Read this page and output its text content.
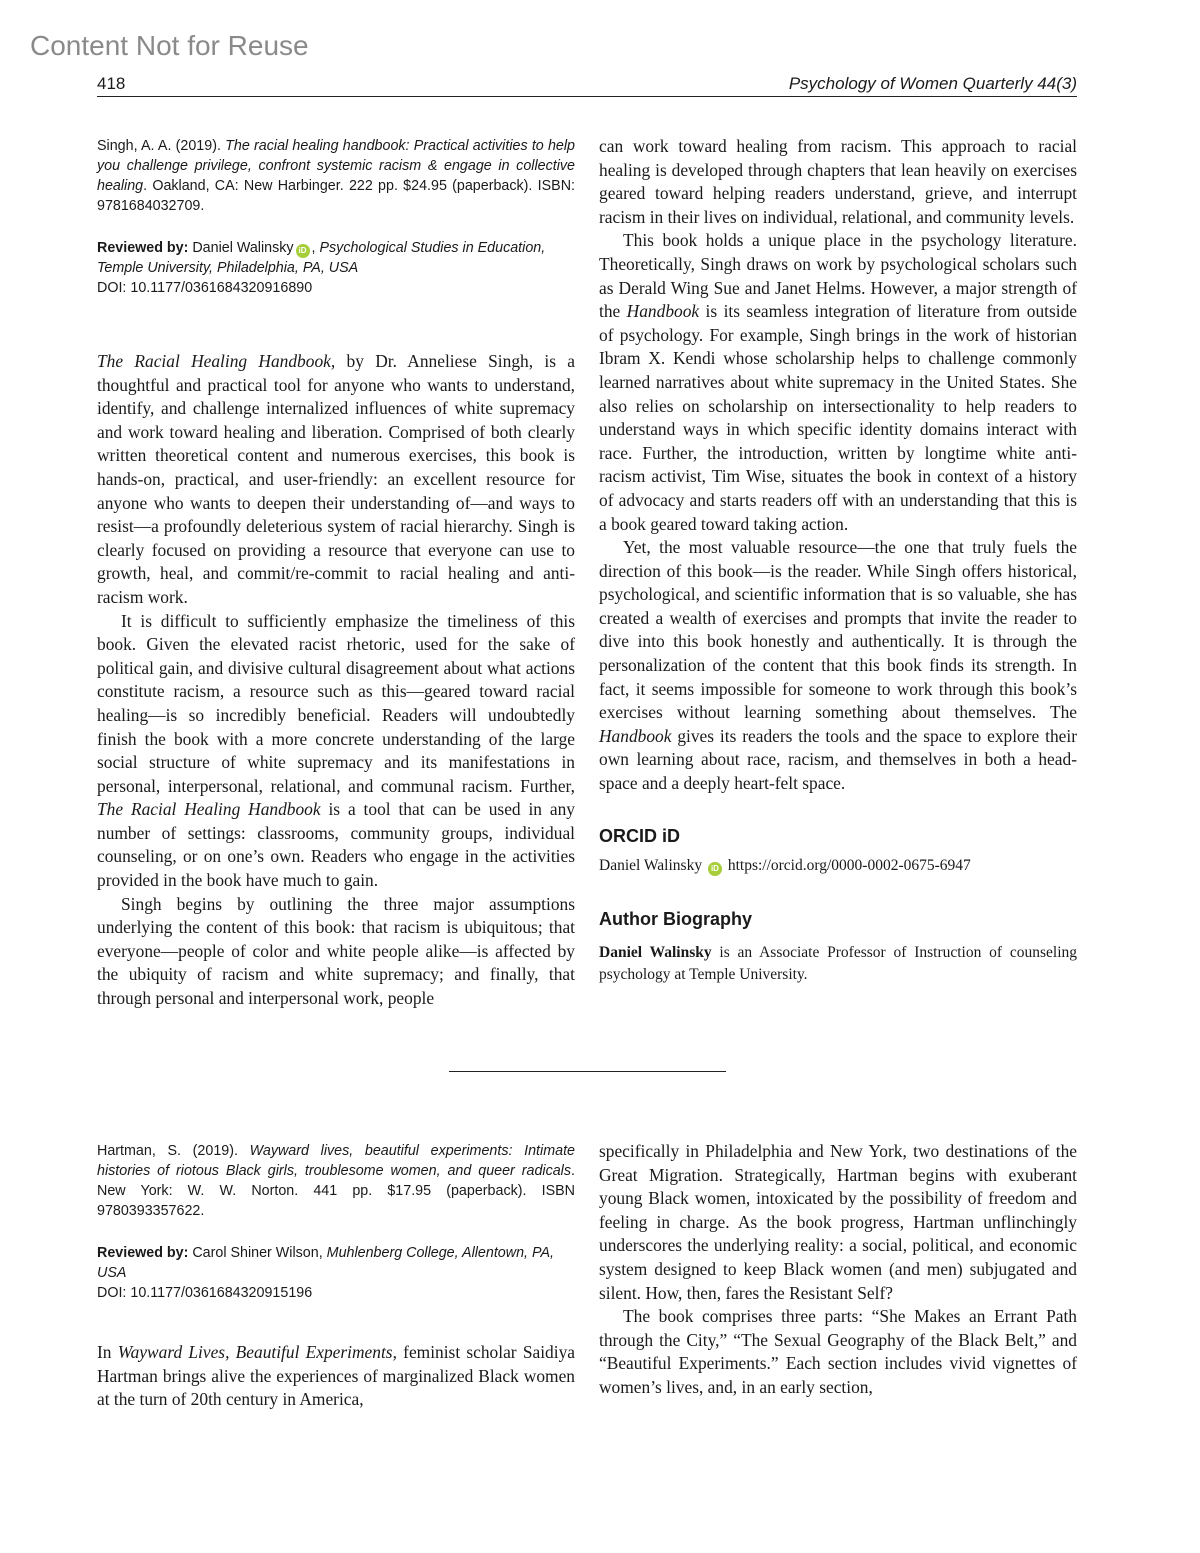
Content Not for Reuse
418	Psychology of Women Quarterly 44(3)
Singh, A. A. (2019). The racial healing handbook: Practical activities to help you challenge privilege, confront systemic racism & engage in collective healing. Oakland, CA: New Harbinger. 222 pp. $24.95 (paperback). ISBN: 9781684032709.
Reviewed by: Daniel Walinsky iD , Psychological Studies in Education, Temple University, Philadelphia, PA, USA
DOI: 10.1177/0361684320916890

The Racial Healing Handbook, by Dr. Anneliese Singh, is a thoughtful and practical tool for anyone who wants to understand, identify, and challenge internalized influences of white supremacy and work toward healing and liberation. Comprised of both clearly written theoretical content and numerous exercises, this book is hands-on, practical, and user-friendly: an excellent resource for anyone who wants to deepen their understanding of—and ways to resist—a profoundly deleterious system of racial hierarchy. Singh is clearly focused on providing a resource that everyone can use to growth, heal, and commit/re-commit to racial healing and anti-racism work.

It is difficult to sufficiently emphasize the timeliness of this book. Given the elevated racist rhetoric, used for the sake of political gain, and divisive cultural disagreement about what actions constitute racism, a resource such as this—geared toward racial healing—is so incredibly beneficial. Readers will undoubtedly finish the book with a more concrete understanding of the large social structure of white supremacy and its manifestations in personal, interpersonal, relational, and communal racism. Further, The Racial Healing Handbook is a tool that can be used in any number of settings: classrooms, community groups, individual counseling, or on one’s own. Readers who engage in the activities provided in the book have much to gain.

Singh begins by outlining the three major assumptions underlying the content of this book: that racism is ubiquitous; that everyone—people of color and white people alike—is affected by the ubiquity of racism and white supremacy; and finally, that through personal and interpersonal work, people

can work toward healing from racism. This approach to racial healing is developed through chapters that lean heavily on exercises geared toward helping readers understand, grieve, and interrupt racism in their lives on individual, relational, and community levels.

This book holds a unique place in the psychology literature. Theoretically, Singh draws on work by psychological scholars such as Derald Wing Sue and Janet Helms. However, a major strength of the Handbook is its seamless integration of literature from outside of psychology. For example, Singh brings in the work of historian Ibram X. Kendi whose scholarship helps to challenge commonly learned narratives about white supremacy in the United States. She also relies on scholarship on intersectionality to help readers to understand ways in which specific identity domains interact with race. Further, the introduction, written by longtime white anti-racism activist, Tim Wise, situates the book in context of a history of advocacy and starts readers off with an understanding that this is a book geared toward taking action.

Yet, the most valuable resource—the one that truly fuels the direction of this book—is the reader. While Singh offers historical, psychological, and scientific information that is so valuable, she has created a wealth of exercises and prompts that invite the reader to dive into this book honestly and authentically. It is through the personalization of the content that this book finds its strength. In fact, it seems impossible for someone to work through this book’s exercises without learning something about themselves. The Handbook gives its readers the tools and the space to explore their own learning about race, racism, and themselves in both a head-space and a deeply heart-felt space.

ORCID iD
Daniel Walinsky iD https://orcid.org/0000-0002-0675-6947
Author Biography
Daniel Walinsky is an Associate Professor of Instruction of counseling psychology at Temple University.
Hartman, S. (2019). Wayward lives, beautiful experiments: Intimate histories of riotous Black girls, troublesome women, and queer radicals. New York: W. W. Norton. 441 pp. $17.95 (paperback). ISBN 9780393357622.
Reviewed by: Carol Shiner Wilson, Muhlenberg College, Allentown, PA, USA
DOI: 10.1177/0361684320915196

In Wayward Lives, Beautiful Experiments, feminist scholar Saidiya Hartman brings alive the experiences of marginalized Black women at the turn of 20th century in America,

specifically in Philadelphia and New York, two destinations of the Great Migration. Strategically, Hartman begins with exuberant young Black women, intoxicated by the possibility of freedom and feeling in charge. As the book progress, Hartman unflinchingly underscores the underlying reality: a social, political, and economic system designed to keep Black women (and men) subjugated and silent. How, then, fares the Resistant Self?

The book comprises three parts: “She Makes an Errant Path through the City,” “The Sexual Geography of the Black Belt,” and “Beautiful Experiments.” Each section includes vivid vignettes of women’s lives, and, in an early section,
